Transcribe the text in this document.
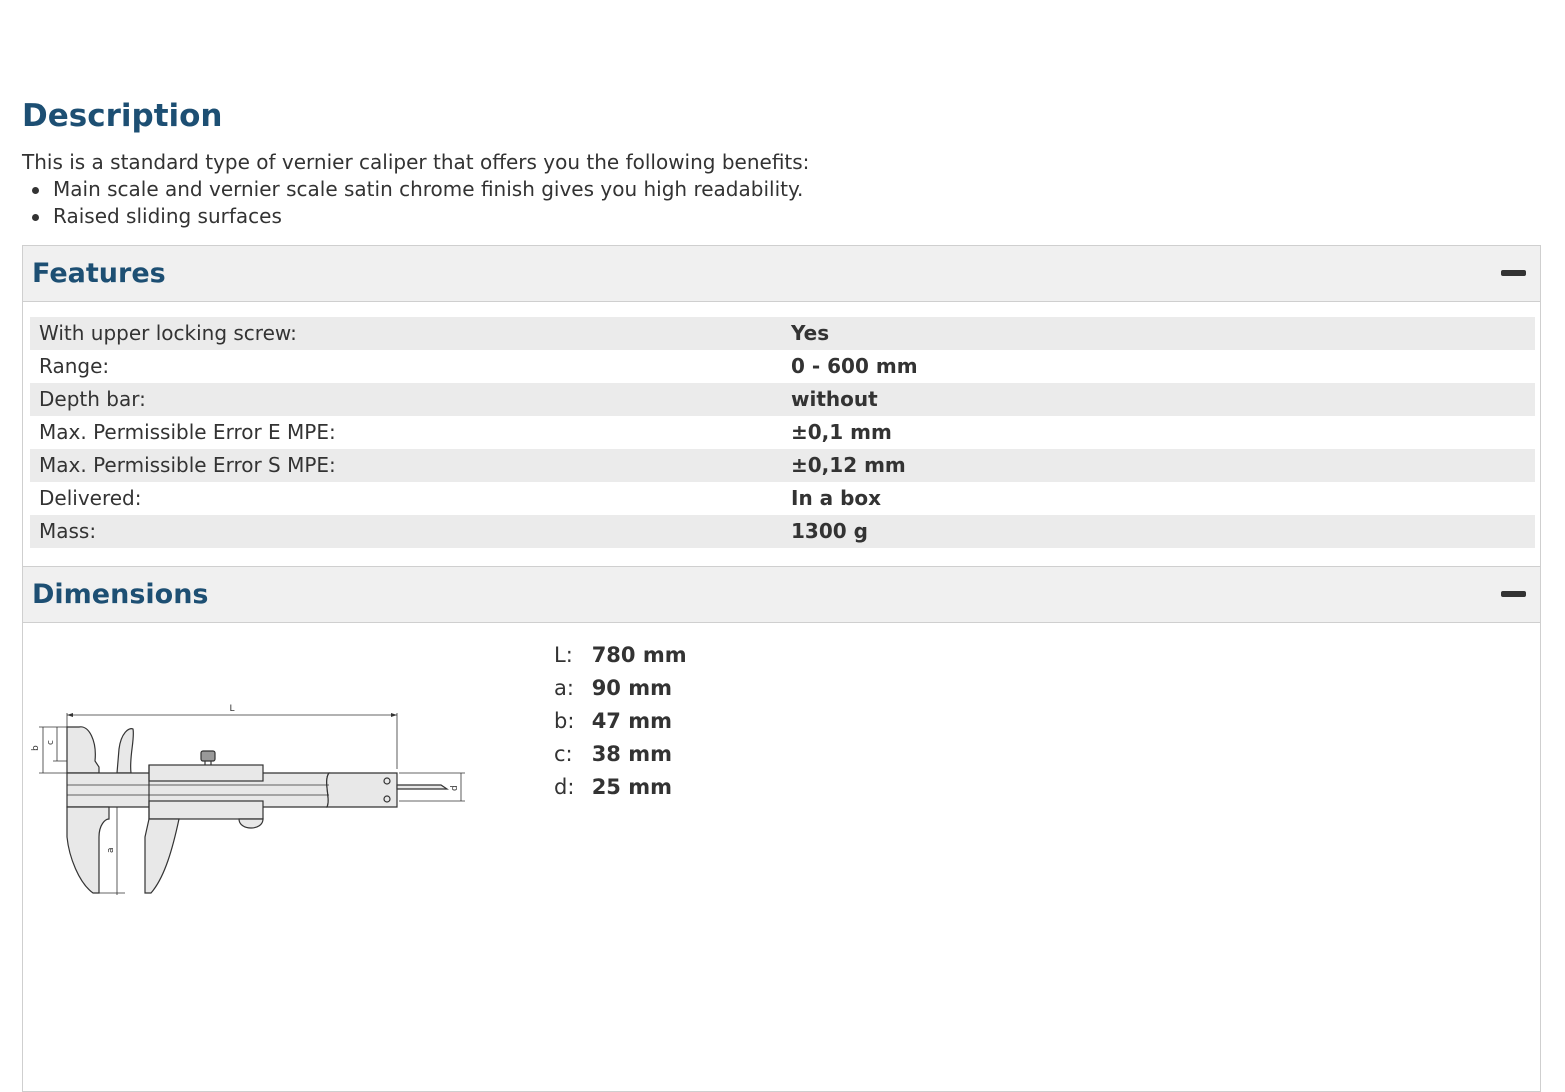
Description

This is a standard type of vernier caliper that offers you the following benefits:

Main scale and vernier scale satin chrome finish gives you high readability.
Raised sliding surfaces
Features
With upper locking screw:	Yes
Range:	0 - 600 mm
Depth bar:	without
Max. Permissible Error E MPE:	±0,1 mm
Max. Permissible Error S MPE:	±0,12 mm
Delivered:	In a box
Mass:	1300 g
Dimensions
L
b
c
d
a
L: 780 mm
a: 90 mm
b: 47 mm
c: 38 mm
d: 25 mm
